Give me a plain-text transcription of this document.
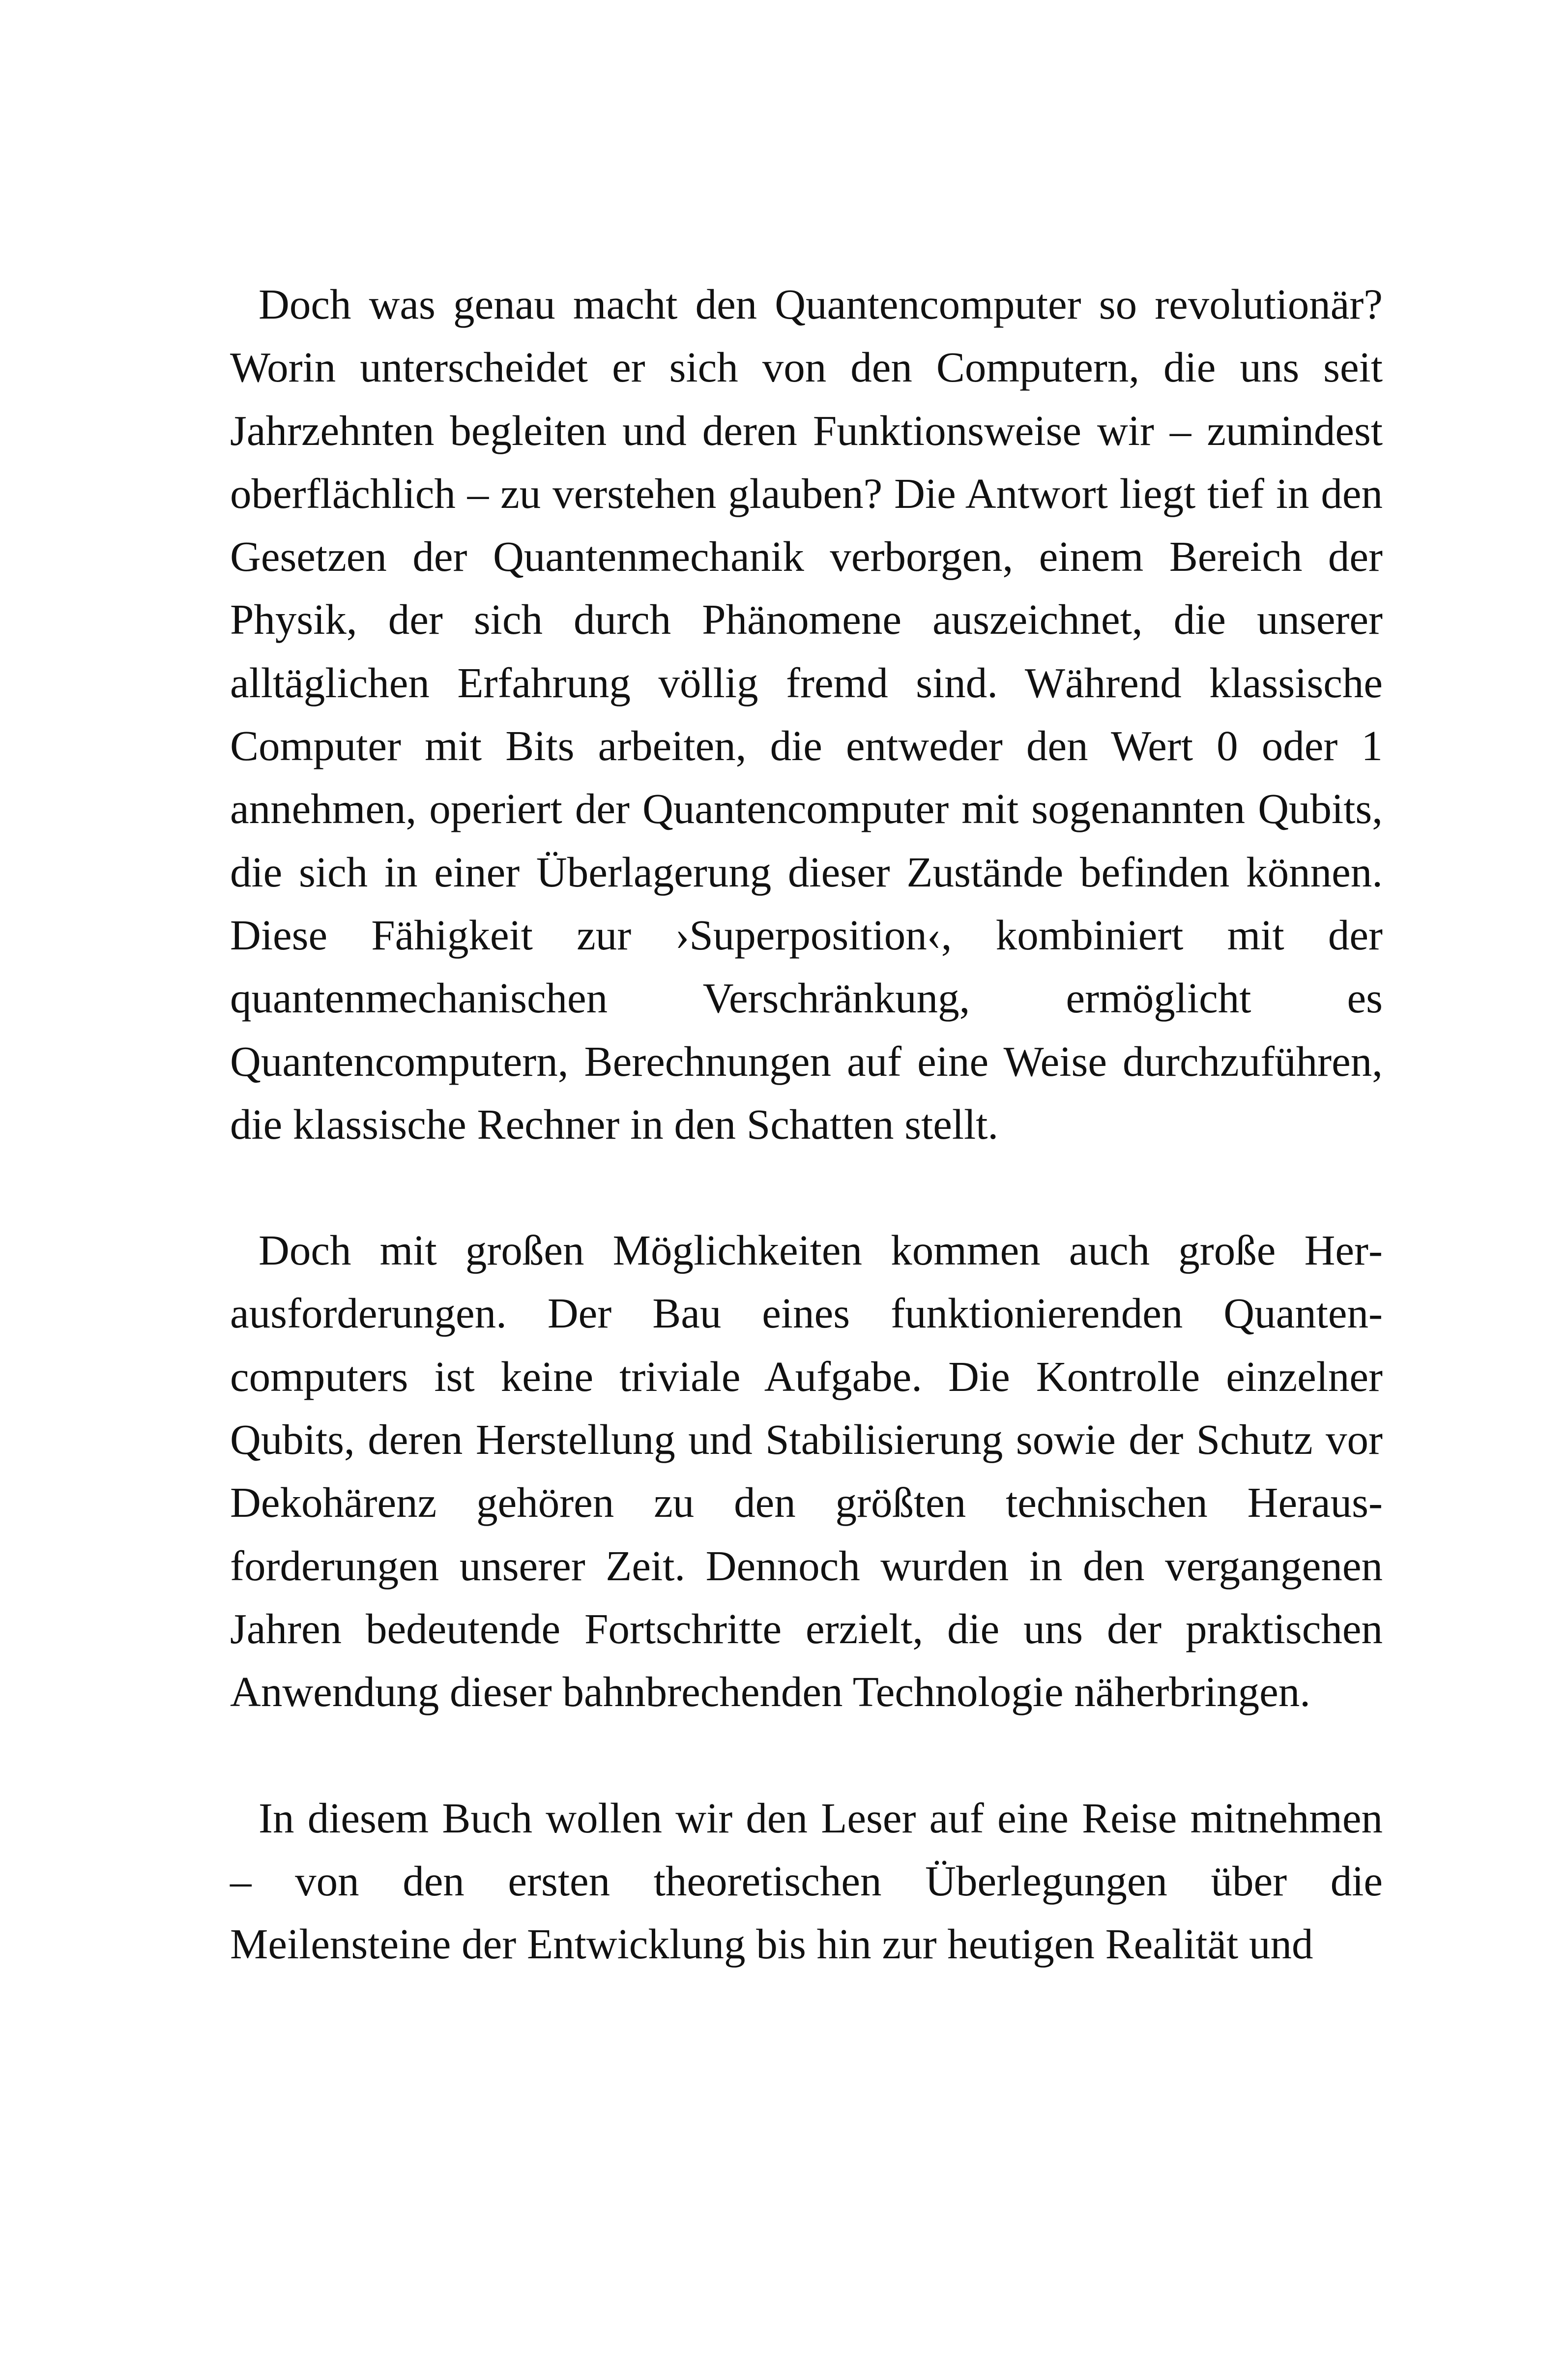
Doch was genau macht den Quantencomputer so revolutionär? Worin unterscheidet er sich von den Computern, die uns seit Jahrzehnten begleiten und deren Funktionsweise wir – zumindest oberflächlich – zu verstehen glauben? Die Antwort liegt tief in den Gesetzen der Quantenmechanik verborgen, einem Bereich der Physik, der sich durch Phänomene auszeichnet, die unserer alltäglichen Erfahrung völlig fremd sind. Während klassische Computer mit Bits arbeiten, die entweder den Wert 0 oder 1 annehmen, operiert der Quantencomputer mit sogenannten Qubits, die sich in einer Überlagerung dieser Zustände befinden können. Diese Fähigkeit zur ›Superposition‹, kombiniert mit der quantenmechanischen Verschränkung, ermöglicht es Quantencomputern, Berechnungen auf eine Weise durchzuführen, die klassische Rechner in den Schatten stellt.

Doch mit großen Möglichkeiten kommen auch große Herausforderungen. Der Bau eines funktionierenden Quantencomputers ist keine triviale Aufgabe. Die Kontrolle einzelner Qubits, deren Herstellung und Stabilisierung sowie der Schutz vor Dekohärenz gehören zu den größten technischen Herausforderungen unserer Zeit. Dennoch wurden in den vergangenen Jahren bedeutende Fortschritte erzielt, die uns der praktischen Anwendung dieser bahnbrechenden Technologie näherbringen.

In diesem Buch wollen wir den Leser auf eine Reise mitnehmen – von den ersten theoretischen Überlegungen über die Meilensteine der Entwicklung bis hin zur heutigen Realität und
